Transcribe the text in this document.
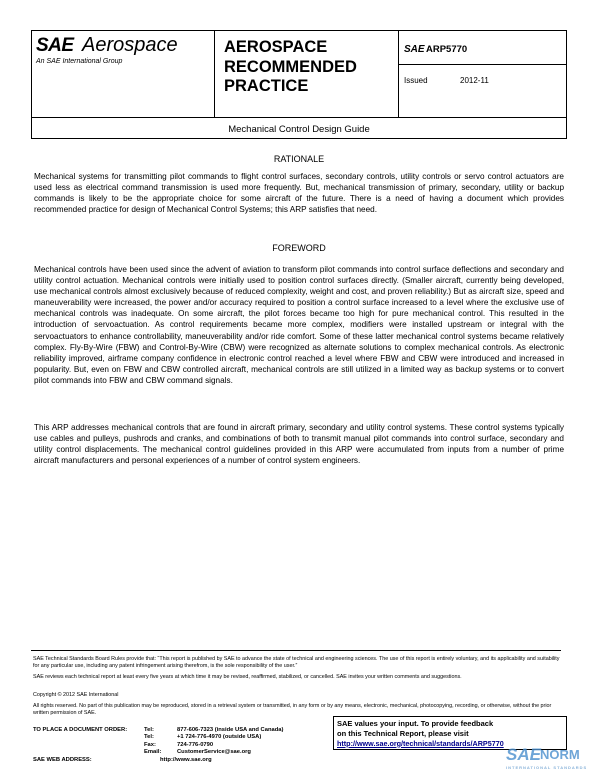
SAE Aerospace
An SAE International Group
AEROSPACE
RECOMMENDED
PRACTICE
SAE ARP5770
Issued	2012-11
Mechanical Control Design Guide
RATIONALE

Mechanical systems for transmitting pilot commands to flight control surfaces, secondary controls, utility controls or servo control actuators are used less as electrical command transmission is used more frequently. But, mechanical transmission of primary, secondary, utility or backup commands is likely to be the appropriate choice for some aircraft of the future. There is a need of having a document which provides recommended practice for design of Mechanical Control Systems; this ARP satisfies that need.

FOREWORD

Mechanical controls have been used since the advent of aviation to transform pilot commands into control surface deflections and secondary and utility control actuation. Mechanical controls were initially used to position control surfaces directly. (Smaller aircraft, currently being developed, use mechanical controls almost exclusively because of reduced complexity, weight and cost, and proven reliability.) But as aircraft size, speed and maneuverability were increased, the power and/or accuracy required to position a control surface increased to a level where the exclusive use of mechanical controls was inadequate. On some aircraft, the pilot forces became too high for pure mechanical control. This resulted in the introduction of servoactuation. As control requirements became more complex, modifiers were installed upstream or integral with the servoactuators to enhance controllability, maneuverability and/or ride comfort. Some of these latter mechanical control systems became relatively complex. Fly-By-Wire (FBW) and Control-By-Wire (CBW) were recognized as alternate solutions to complex mechanical controls. As electronic reliability improved, airframe company confidence in electronic control reached a level where FBW and CBW were introduced and increased in popularity. But, even on FBW and CBW controlled aircraft, mechanical controls are still utilized in a limited way as backup systems or to convert pilot commands into FBW and CBW command signals.

This ARP addresses mechanical controls that are found in aircraft primary, secondary and utility control systems. These control systems typically use cables and pulleys, pushrods and cranks, and combinations of both to transmit manual pilot commands into control surface, secondary and utility control displacements. The mechanical control guidelines provided in this ARP were accumulated from inputs from a number of prime aircraft manufacturers and personal experiences of a number of control system engineers.

SAE Technical Standards Board Rules provide that: “This report is published by SAE to advance the state of technical and engineering sciences. The use of this report is entirely voluntary, and its applicability and suitability for any particular use, including any patent infringement arising therefrom, is the sole responsibility of the user.”

SAE reviews each technical report at least every five years at which time it may be revised, reaffirmed, stabilized, or cancelled. SAE invites your written comments and suggestions.

Copyright © 2012 SAE International

All rights reserved. No part of this publication may be reproduced, stored in a retrieval system or transmitted, in any form or by any means, electronic, mechanical, photocopying, recording, or otherwise, without the prior written permission of SAE.

TO PLACE A DOCUMENT ORDER:	Tel:	877-606-7323 (inside USA and Canada)
Tel:	+1 724-776-4970 (outside USA)
Fax:	724-776-0790
Email:	CustomerService@sae.org
SAE WEB ADDRESS:	http://www.sae.org
SAE values your input. To provide feedback
on this Technical Report, please visit
http://www.sae.org/technical/standards/ARP5770
SAE NORM
INTERNATIONAL STANDARDS
